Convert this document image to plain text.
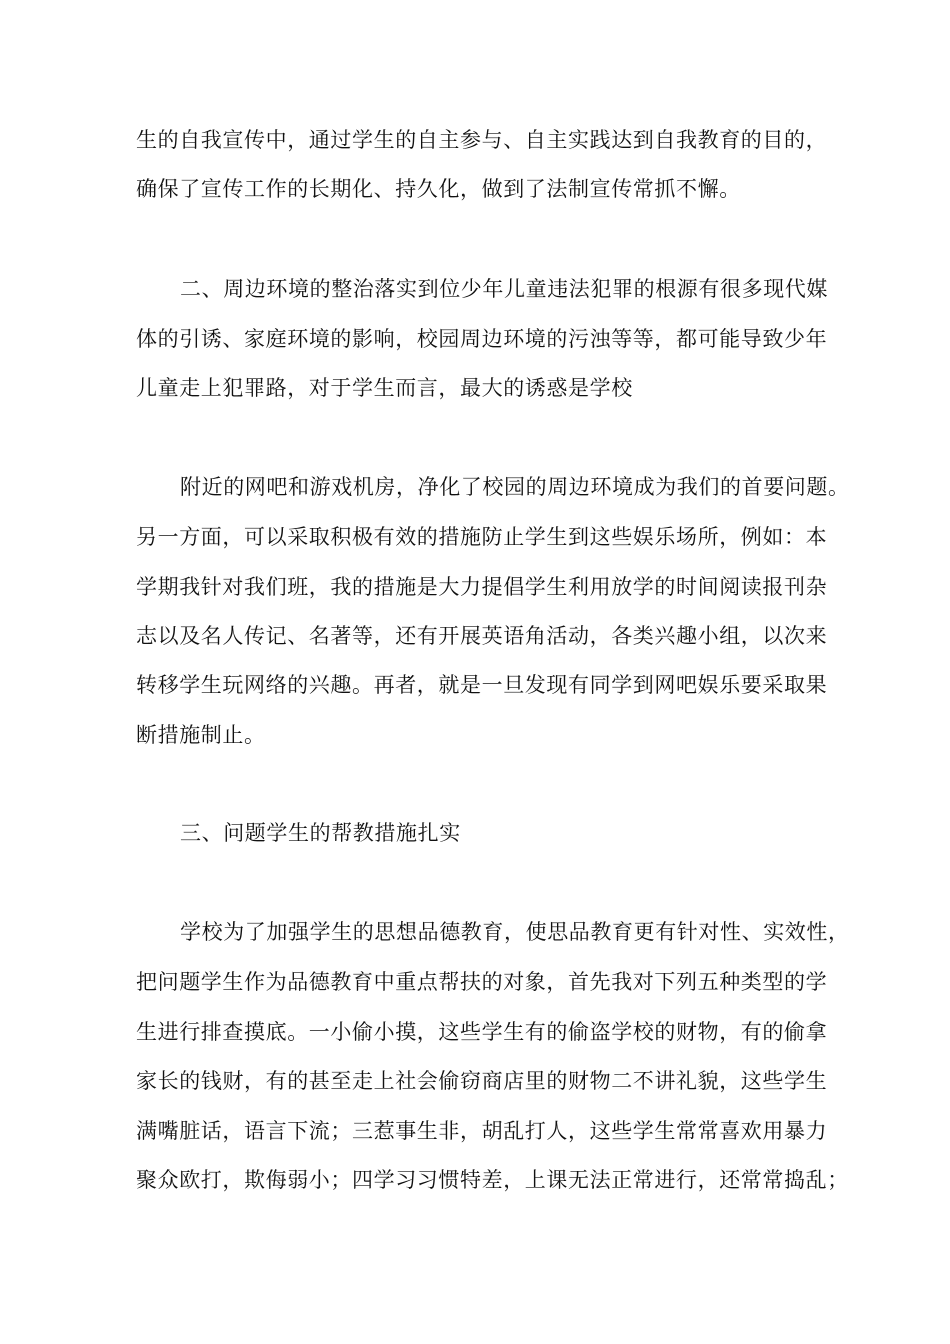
生的自我宣传中，通过学生的自主参与、自主实践达到自我教育的目的，
确保了宣传工作的长期化、持久化，做到了法制宣传常抓不懈。
二、周边环境的整治落实到位少年儿童违法犯罪的根源有很多现代媒
体的引诱、家庭环境的影响，校园周边环境的污浊等等，都可能导致少年
儿童走上犯罪路，对于学生而言，最大的诱惑是学校
附近的网吧和游戏机房，净化了校园的周边环境成为我们的首要问题。
另一方面，可以采取积极有效的措施防止学生到这些娱乐场所，例如：本
学期我针对我们班，我的措施是大力提倡学生利用放学的时间阅读报刊杂
志以及名人传记、名著等，还有开展英语角活动，各类兴趣小组，以次来
转移学生玩网络的兴趣。再者，就是一旦发现有同学到网吧娱乐要采取果
断措施制止。
三、问题学生的帮教措施扎实
学校为了加强学生的思想品德教育，使思品教育更有针对性、实效性，
把问题学生作为品德教育中重点帮扶的对象，首先我对下列五种类型的学
生进行排查摸底。一小偷小摸，这些学生有的偷盗学校的财物，有的偷拿
家长的钱财，有的甚至走上社会偷窃商店里的财物二不讲礼貌，这些学生
满嘴脏话，语言下流；三惹事生非，胡乱打人，这些学生常常喜欢用暴力
聚众欧打，欺侮弱小；四学习习惯特差，上课无法正常进行，还常常捣乱；
